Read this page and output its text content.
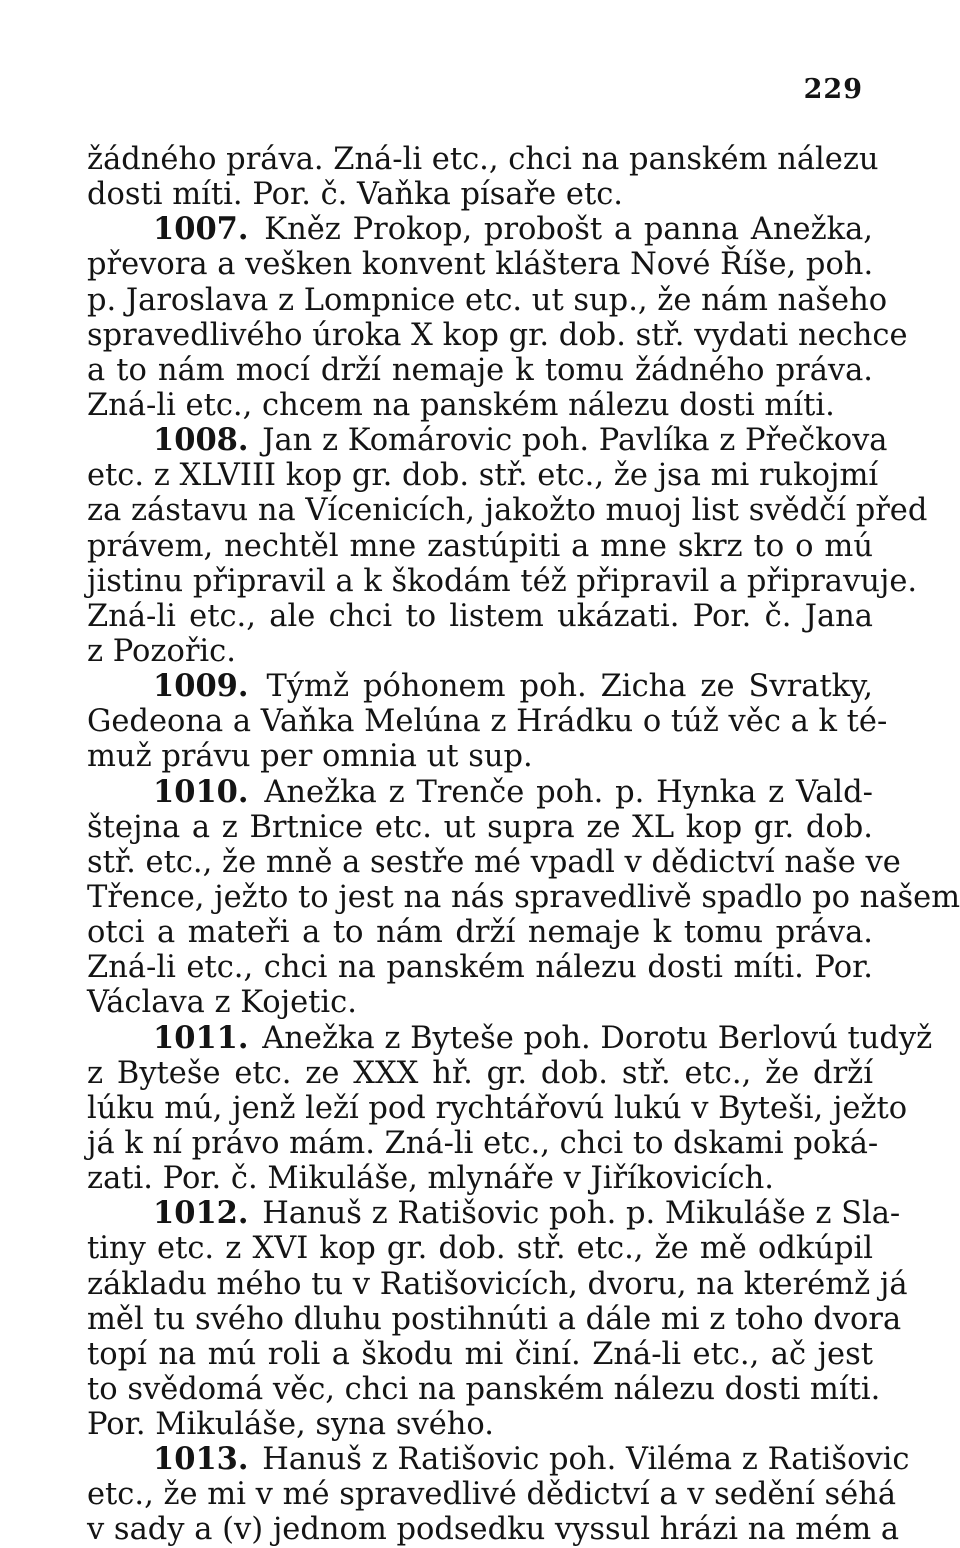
229
žádného práva. Zná-li etc., chci na panském nálezu
dosti míti. Por. č. Vaňka písaře etc.
1007. Kněz Prokop, probošt a panna Anežka,
převora a vešken konvent kláštera Nové Říše, poh.
p. Jaroslava z Lompnice etc. ut sup., že nám našeho
spravedlivého úroka X kop gr. dob. stř. vydati nechce
a to nám mocí drží nemaje k tomu žádného práva.
Zná-li etc., chcem na panském nálezu dosti míti.
1008. Jan z Komárovic poh. Pavlíka z Přečkova
etc. z XLVIII kop gr. dob. stř. etc., že jsa mi rukojmí
za zástavu na Vícenicích, jakožto muoj list svědčí před
právem, nechtěl mne zastúpiti a mne skrz to o mú
jistinu připravil a k škodám též připravil a připravuje.
Zná-li etc., ale chci to listem ukázati. Por. č. Jana
z Pozořic.
1009. Týmž póhonem poh. Zicha ze Svratky,
Gedeona a Vaňka Melúna z Hrádku o túž věc a k té-
muž právu per omnia ut sup.
1010. Anežka z Trenče poh. p. Hynka z Vald-
štejna a z Brtnice etc. ut supra ze XL kop gr. dob.
stř. etc., že mně a sestře mé vpadl v dědictví naše ve
Třence, ježto to jest na nás spravedlivě spadlo po našem
otci a mateři a to nám drží nemaje k tomu práva.
Zná-li etc., chci na panském nálezu dosti míti. Por.
Václava z Kojetic.
1011. Anežka z Byteše poh. Dorotu Berlovú tudyž
z Byteše etc. ze XXX hř. gr. dob. stř. etc., že drží
lúku mú, jenž leží pod rychtářovú lukú v Byteši, ježto
já k ní právo mám. Zná-li etc., chci to dskami poká-
zati. Por. č. Mikuláše, mlynáře v Jiříkovicích.
1012. Hanuš z Ratišovic poh. p. Mikuláše z Sla-
tiny etc. z XVI kop gr. dob. stř. etc., že mě odkúpil
základu mého tu v Ratišovicích, dvoru, na kterémž já
měl tu svého dluhu postihnúti a dále mi z toho dvora
topí na mú roli a škodu mi činí. Zná-li etc., ač jest
to svědomá věc, chci na panském nálezu dosti míti.
Por. Mikuláše, syna svého.
1013. Hanuš z Ratišovic poh. Viléma z Ratišovic
etc., že mi v mé spravedlivé dědictví a v sedění séhá
v sady a (v) jednom podsedku vyssul hrázi na mém a
